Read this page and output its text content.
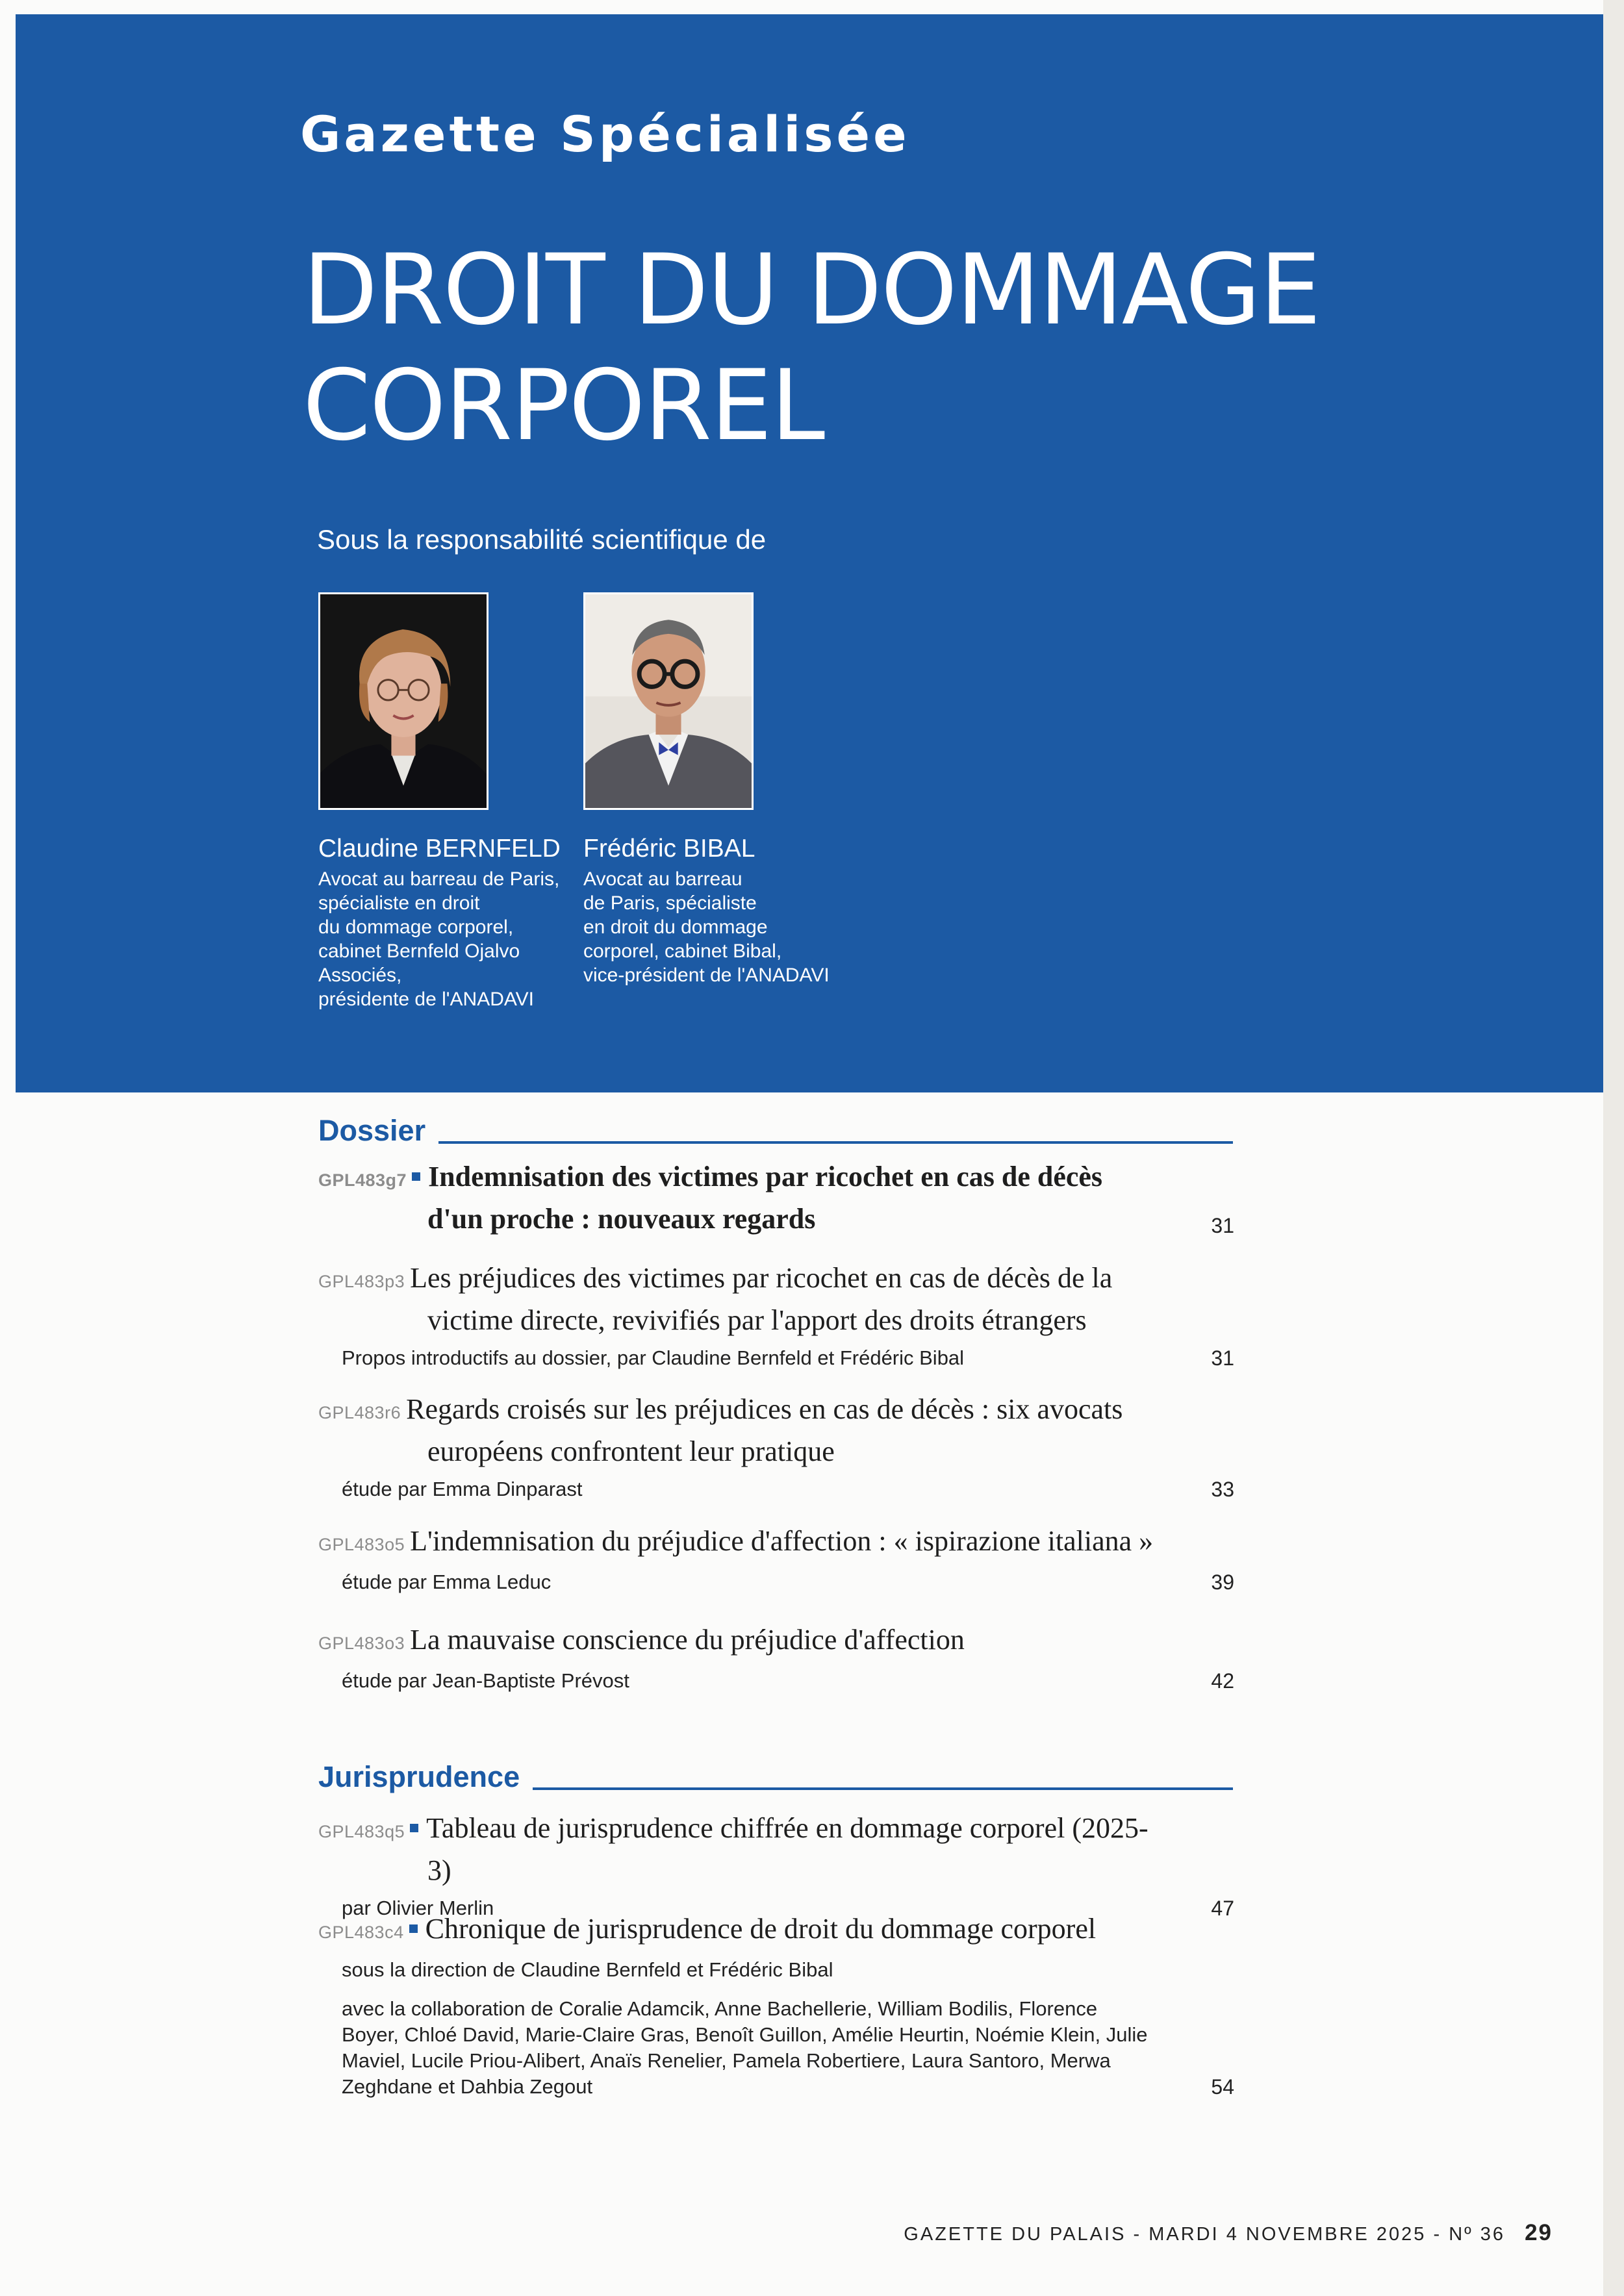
Gazette Spécialisée
DROIT DU DOMMAGE
CORPOREL

Sous la responsabilité scientifique de

Claudine BERNFELD
Avocat au barreau de Paris,
spécialiste en droit
du dommage corporel,
cabinet Bernfeld Ojalvo
Associés,
présidente de l'ANADAVI
Frédéric BIBAL
Avocat au barreau
de Paris, spécialiste
en droit du dommage
corporel, cabinet Bibal,
vice-président de l'ANADAVI
Dossier
GPL483g7 Indemnisation des victimes par ricochet en cas de décès d'un proche : nouveaux regards	31
GPL483p3 Les préjudices des victimes par ricochet en cas de décès de la victime directe, revivifiés par l'apport des droits étrangers
Propos introductifs au dossier, par Claudine Bernfeld et Frédéric Bibal	31
GPL483r6 Regards croisés sur les préjudices en cas de décès : six avocats européens confrontent leur pratique
étude par Emma Dinparast	33
GPL483o5 L'indemnisation du préjudice d'affection : « ispirazione italiana »
étude par Emma Leduc	39
GPL483o3 La mauvaise conscience du préjudice d'affection
étude par Jean-Baptiste Prévost	42
Jurisprudence
GPL483q5 Tableau de jurisprudence chiffrée en dommage corporel (2025-3)
par Olivier Merlin	47
GPL483c4 Chronique de jurisprudence de droit du dommage corporel
sous la direction de Claudine Bernfeld et Frédéric Bibal
avec la collaboration de Coralie Adamcik, Anne Bachellerie, William Bodilis, Florence Boyer, Chloé David, Marie-Claire Gras, Benoît Guillon, Amélie Heurtin, Noémie Klein, Julie Maviel, Lucile Priou-Alibert, Anaïs Renelier, Pamela Robertiere, Laura Santoro, Merwa Zeghdane et Dahbia Zegout	54
GAZETTE DU PALAIS - MARDI 4 NOVEMBRE 2025 - Nº 36 29
